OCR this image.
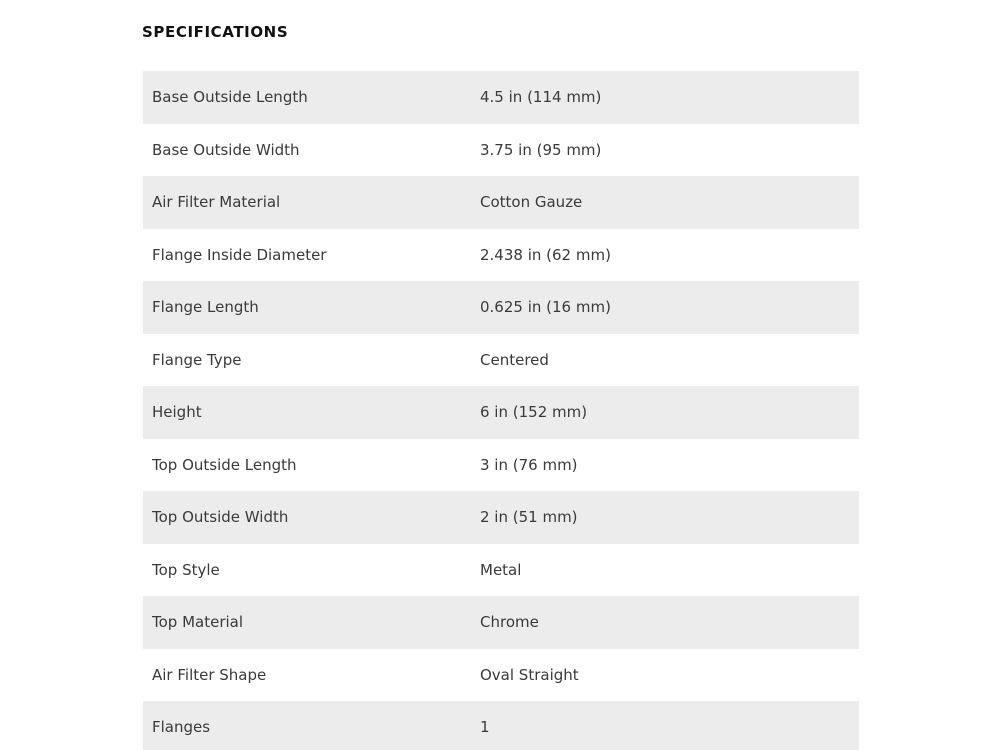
SPECIFICATIONS
Base Outside Length	4.5 in (114 mm)
Base Outside Width	3.75 in (95 mm)
Air Filter Material	Cotton Gauze
Flange Inside Diameter	2.438 in (62 mm)
Flange Length	0.625 in (16 mm)
Flange Type	Centered
Height	6 in (152 mm)
Top Outside Length	3 in (76 mm)
Top Outside Width	2 in (51 mm)
Top Style	Metal
Top Material	Chrome
Air Filter Shape	Oval Straight
Flanges	1
